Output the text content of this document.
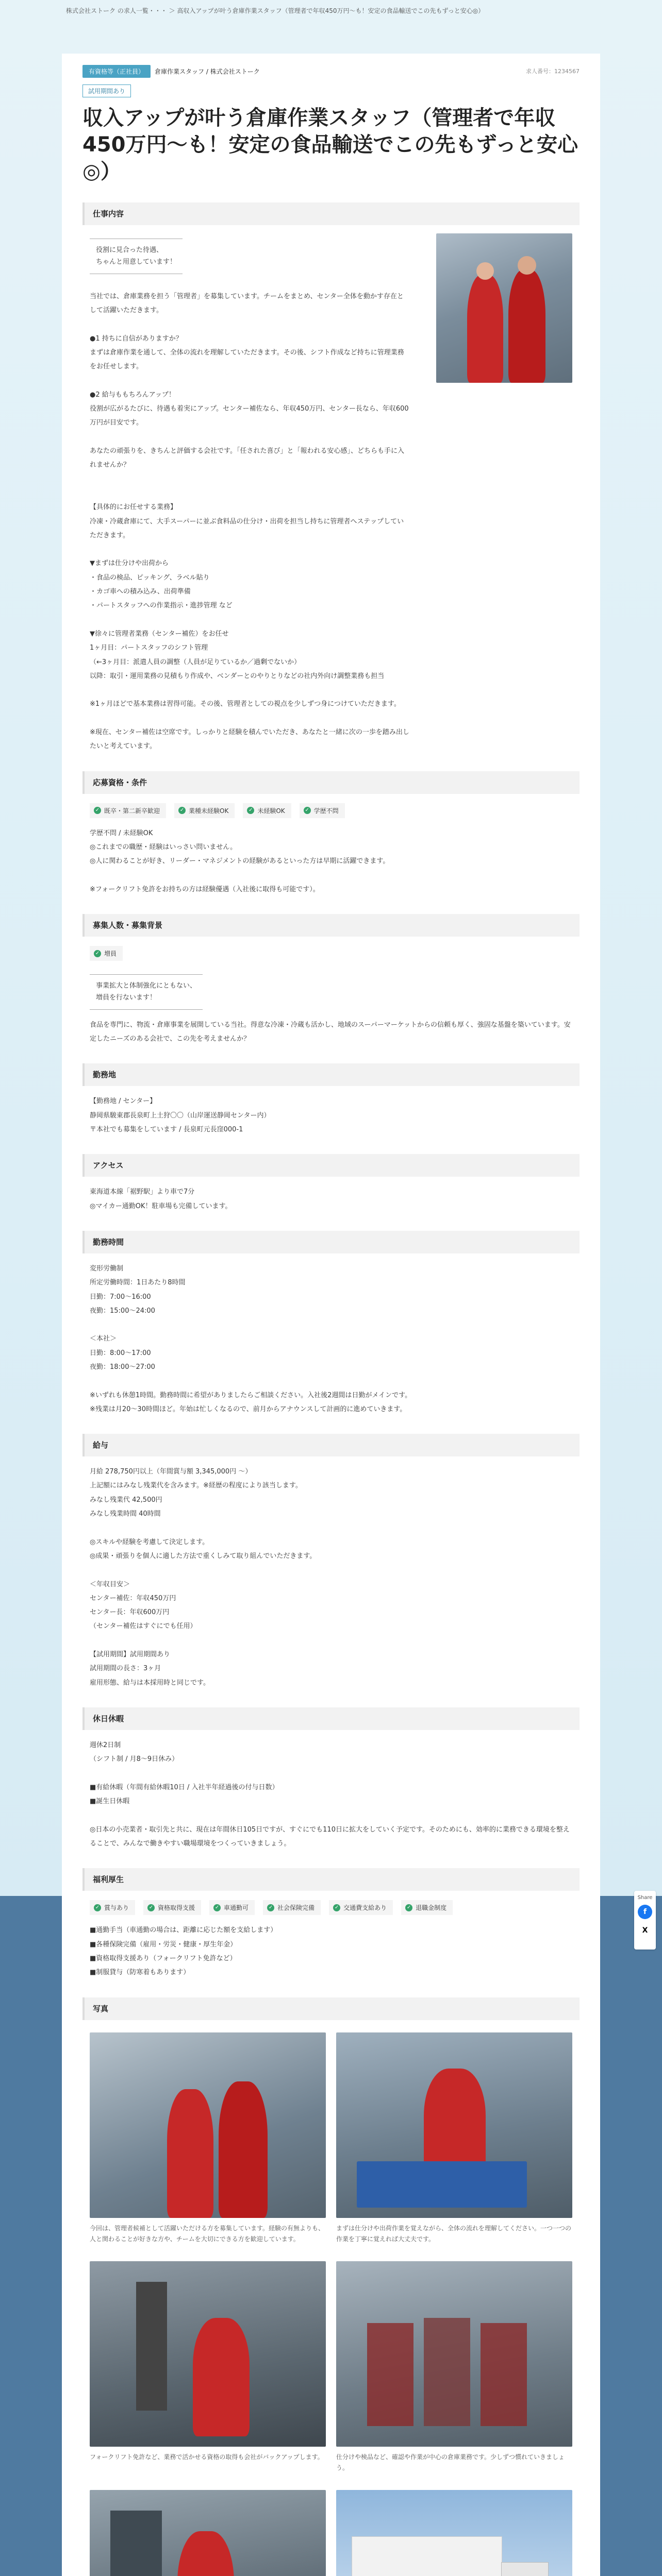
株式会社ストーク の求人一覧・・・ ＞ 高収入アップが叶う倉庫作業スタッフ（管理者で年収450万円〜も！安定の食品輸送でこの先もずっと安心◎）
有資格等（正社員）	倉庫作業スタッフ / 株式会社ストーク	求人番号：1234567
試用期間あり
収入アップが叶う倉庫作業スタッフ（管理者で年収450万円〜も！安定の食品輸送でこの先もずっと安心◎）
仕事内容
役割に見合った待遇、
ちゃんと用意しています！
当社では、倉庫業務を担う「管理者」を募集しています。チームをまとめ、センター全体を動かす存在として活躍いただきます。

●1 持ちに自信がありますか？
まずは倉庫作業を通して、全体の流れを理解していただきます。その後、シフト作成など持ちに管理業務をお任せします。

●2 給与ももちろんアップ！
役割が広がるたびに、待遇も着実にアップ。センター補佐なら、年収450万円、センター長なら、年収600万円が目安です。

あなたの頑張りを、きちんと評価する会社です。「任された喜び」と「報われる安心感」、どちらも手に入れませんか？

【具体的にお任せする業務】
冷凍・冷蔵倉庫にて、大手スーパーに並ぶ食料品の仕分け・出荷を担当し持ちに管理者へステップしていただきます。

▼まずは仕分けや出荷から
・食品の検品、ピッキング、ラベル貼り
・カゴ車への積み込み、出荷準備
・パートスタッフへの作業指示・進捗管理 など

▼徐々に管理者業務（センター補佐）をお任せ
1ヶ月目：パートスタッフのシフト管理
（←3ヶ月目：派遣人員の調整（人員が足りているか／過剰でないか）
以降：取引・運用業務の見積もり作成や、ベンダーとのやりとりなどの社内外向け調整業務も担当

※1ヶ月ほどで基本業務は習得可能。その後、管理者としての視点を少しずつ身につけていただきます。

※現在、センター補佐は空席です。しっかりと経験を積んでいただき、あなたと一緒に次の一歩を踏み出したいと考えています。
応募資格・条件
✓ 既卒・第二新卒歓迎	✓ 業種未経験OK	✓ 未経験OK	✓ 学歴不問
学歴不問 / 未経験OK
◎これまでの職歴・経験はいっさい問いません。
◎人に関わることが好き、リーダー・マネジメントの経験があるといった方は早期に活躍できます。

※フォークリフト免許をお持ちの方は経験優遇（入社後に取得も可能です）。
募集人数・募集背景
✓ 増員
事業拡大と体制強化にともない、
増員を行ないます！
食品を専門に、物流・倉庫事業を展開している当社。得意な冷凍・冷蔵も活かし、地域のスーパーマーケットからの信頼も厚く、強固な基盤を築いています。安定したニーズのある会社で、この先を考えませんか？
勤務地
【勤務地 / センター】
静岡県駿東郡長泉町上土狩〇〇（山岸運送静岡センター内）
〒本社でも募集をしています / 長泉町元長窪000-1
アクセス
東海道本線「裾野駅」より車で7分
◎マイカー通勤OK！駐車場も完備しています。
勤務時間
変形労働制
所定労働時間：1日あたり8時間
日勤：7:00〜16:00
夜勤：15:00〜24:00

＜本社＞
日勤：8:00〜17:00
夜勤：18:00〜27:00

※いずれも休憩1時間。勤務時間に希望がありましたらご相談ください。入社後2週間は日勤がメインです。
※残業は月20〜30時間ほど。年始は忙しくなるので、前月からアナウンスして計画的に進めていきます。
給与
月給 278,750円以上（年間賞与額 3,345,000円 〜）
上記額にはみなし残業代を含みます。※経歴の程度により該当します。
みなし残業代 42,500円
みなし残業時間 40時間

◎スキルや経験を考慮して決定します。
◎成果・頑張りを個人に適した方法で重くしみて取り組んでいただきます。

＜年収目安＞
センター補佐：年収450万円
センター長：年収600万円
（センター補佐はすぐにでも任用）

【試用期間】試用期間あり
試用期間の長さ：3ヶ月
雇用形態、給与は本採用時と同じです。
休日休暇
週休2日制
（シフト制 / 月8〜9日休み）

■有給休暇（年間有給休暇10日 / 入社半年経過後の付与日数）
■誕生日休暇

◎日本の小売業者・取引先と共に、現在は年間休日105日ですが、すぐにでも110日に拡大をしていく予定です。そのためにも、効率的に業務できる環境を整えることで、みんなで働きやすい職場環境をつくっていきましょう。
福利厚生
✓ 賞与あり	✓ 資格取得支援	✓ 車通勤可	✓ 社会保険完備	✓ 交通費支給あり	✓ 退職金制度
■通勤手当（車通勤の場合は、距離に応じた額を支給します）
■各種保険完備（雇用・労災・健康・厚生年金）
■資格取得支援あり（フォークリフト免許など）
■制服貸与（防寒着もあります）
写真
今回は、管理者候補として活躍いただける方を募集しています。経験の有無よりも、人と関わることが好きな方や、チームを大切にできる方を歓迎しています。
まずは仕分けや出荷作業を覚えながら、全体の流れを理解してください。一つ一つの作業を丁寧に覚えれば大丈夫です。
フォークリフト免許など、業務で活かせる資格の取得も会社がバックアップします。	仕分けや検品など、確認や作業が中心の倉庫業務です。少しずつ慣れていきましょう。
Share
f
X
